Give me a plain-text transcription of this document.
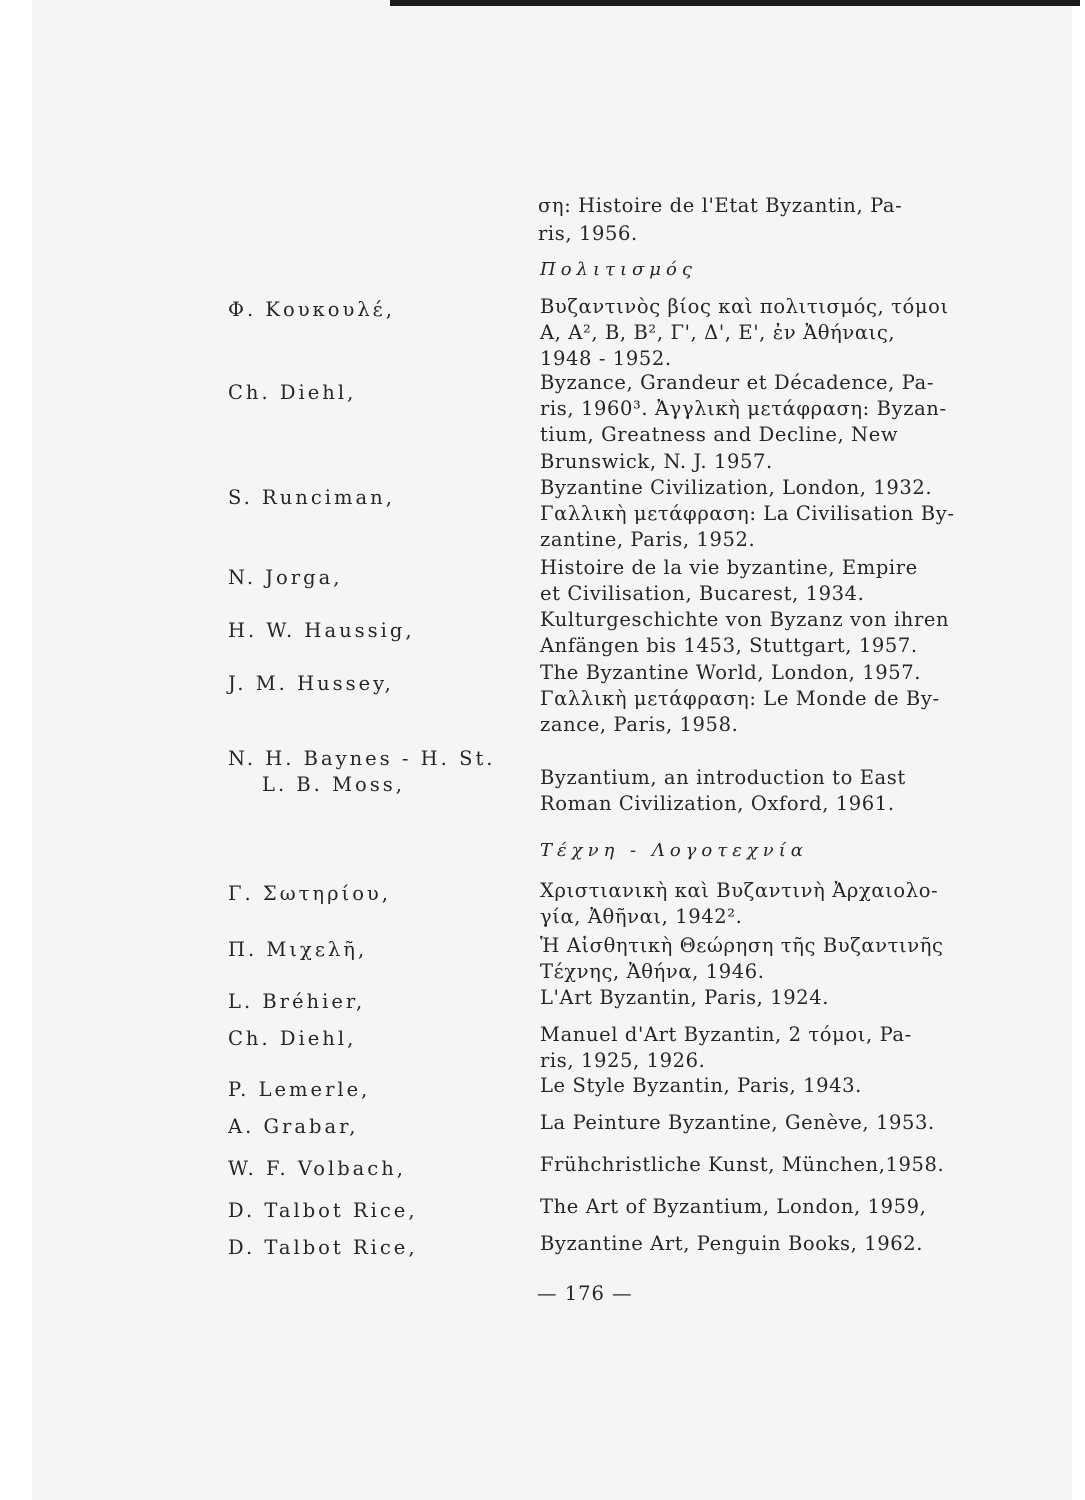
ση: Histoire de l'Etat Byzantin, Pa-
ris, 1956.
Πολιτισμός
Φ. Κουκουλέ,	Βυζαντινὸς βίος καὶ πολιτισμός, τόμοι
Α, Α², Β, Β², Γ', Δ', Ε', ἐν Ἀθήναις,
1948 - 1952.
Ch. Diehl,	Byzance, Grandeur et Décadence, Pa-
ris, 1960³. Ἀγγλικὴ μετάφραση: Byzan-
tium, Greatness and Decline, New
Brunswick, N. J. 1957.
S. Runciman,	Byzantine Civilization, London, 1932.
Γαλλικὴ μετάφραση: La Civilisation By-
zantine, Paris, 1952.
N. Jorga,	Histoire de la vie byzantine, Empire
et Civilisation, Bucarest, 1934.
H. W. Haussig,	Kulturgeschichte von Byzanz von ihren
Anfängen bis 1453, Stuttgart, 1957.
J. M. Hussey,	The Byzantine World, London, 1957.
Γαλλικὴ μετάφραση: Le Monde de By-
zance, Paris, 1958.
N. H. Baynes - H. St.
L. B. Moss,	Byzantium, an introduction to East
Roman Civilization, Oxford, 1961.
Τέχνη - Λογοτεχνία
Γ. Σωτηρίου,	Χριστιανικὴ καὶ Βυζαντινὴ Ἀρχαιολο-
γία, Ἀθῆναι, 1942².
Π. Μιχελῆ,	Ἡ Αἰσθητικὴ Θεώρηση τῆς Βυζαντινῆς
Τέχνης, Ἀθήνα, 1946.
L. Bréhier,	L'Art Byzantin, Paris, 1924.
Ch. Diehl,	Manuel d'Art Byzantin, 2 τόμοι, Pa-
ris, 1925, 1926.
P. Lemerle,	Le Style Byzantin, Paris, 1943.
A. Grabar,	La Peinture Byzantine, Genève, 1953.
W. F. Volbach,	Frühchristliche Kunst, München,1958.
D. Talbot Rice,	The Art of Byzantium, London, 1959,
D. Talbot Rice,	Byzantine Art, Penguin Books, 1962.
— 176 —
